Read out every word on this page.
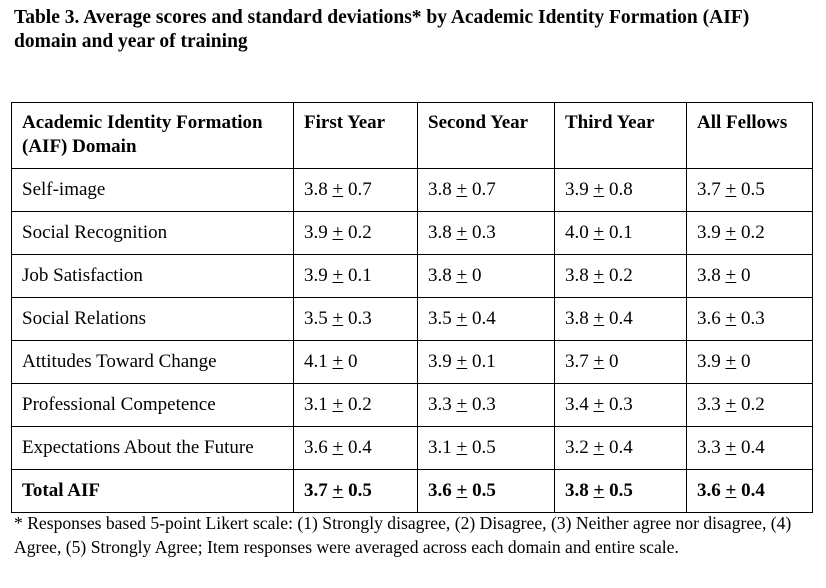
Table 3. Average scores and standard deviations* by Academic Identity Formation (AIF) domain and year of training
Academic Identity Formation (AIF) Domain	First Year	Second Year	Third Year	All Fellows
Self-image	3.8 + 0.7	3.8 + 0.7	3.9 + 0.8	3.7 + 0.5
Social Recognition	3.9 + 0.2	3.8 + 0.3	4.0 + 0.1	3.9 + 0.2
Job Satisfaction	3.9 + 0.1	3.8 + 0	3.8 + 0.2	3.8 + 0
Social Relations	3.5 + 0.3	3.5 + 0.4	3.8 + 0.4	3.6 + 0.3
Attitudes Toward Change	4.1 + 0	3.9 + 0.1	3.7 + 0	3.9 + 0
Professional Competence	3.1 + 0.2	3.3 + 0.3	3.4 + 0.3	3.3 + 0.2
Expectations About the Future	3.6 + 0.4	3.1 + 0.5	3.2 + 0.4	3.3 + 0.4
Total AIF	3.7 + 0.5	3.6 + 0.5	3.8 + 0.5	3.6 + 0.4
* Responses based 5-point Likert scale: (1) Strongly disagree, (2) Disagree, (3) Neither agree nor disagree, (4) Agree, (5) Strongly Agree; Item responses were averaged across each domain and entire scale.
